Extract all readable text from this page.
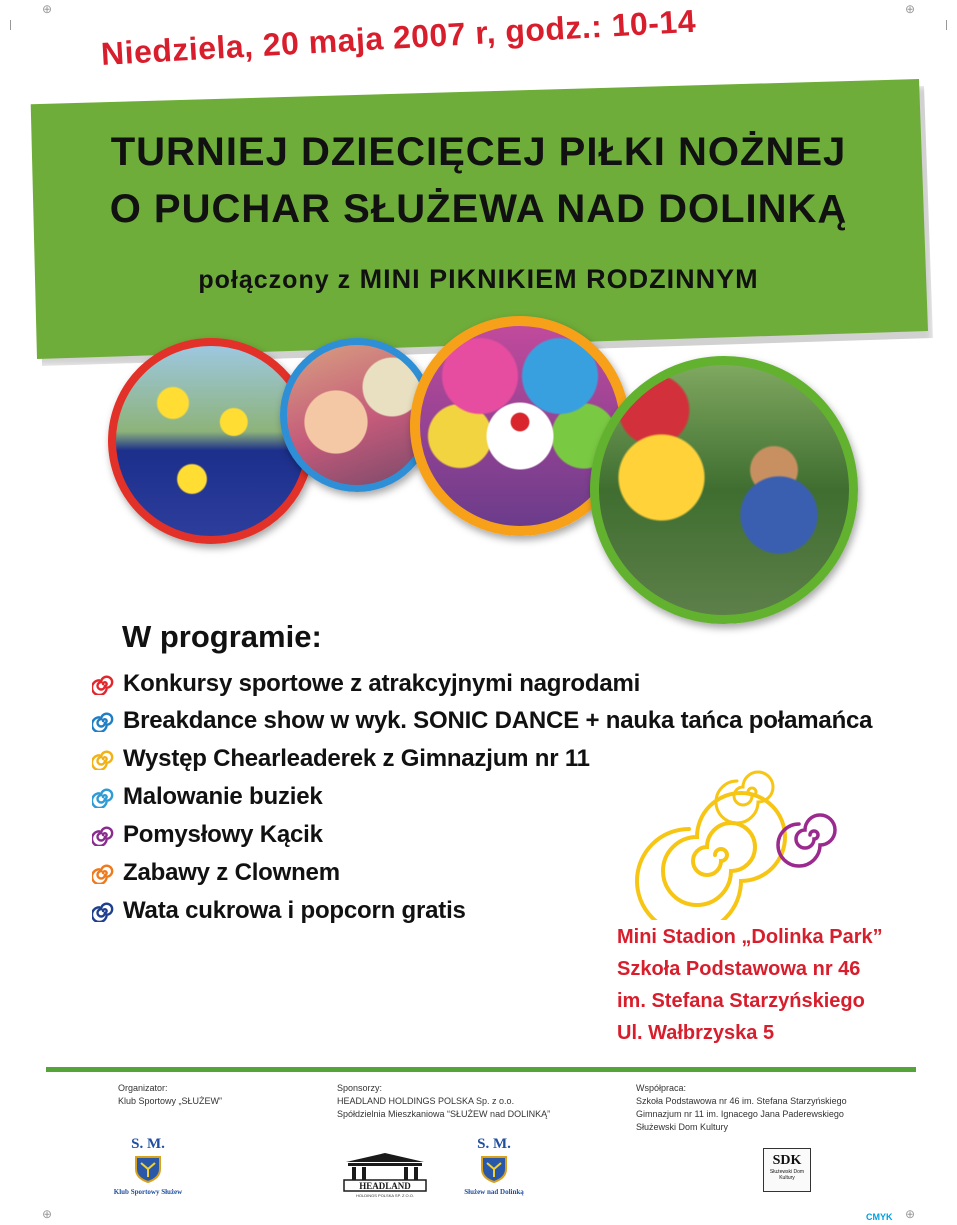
⊕	⊕
⊕	⊕
Niedziela, 20 maja 2007 r, godz.: 10-14
TURNIEJ DZIECIĘCEJ PIŁKI NOŻNEJ
O PUCHAR SŁUŻEWA NAD DOLINKĄ
połączony z MINI PIKNIKIEM RODZINNYM
W programie:
Konkursy sportowe z atrakcyjnymi nagrodami
Breakdance show w wyk. SONIC DANCE + nauka tańca połamańca
Występ Chearleaderek z Gimnazjum nr 11
Malowanie buziek
Pomysłowy Kącik
Zabawy z Clownem
Wata cukrowa i popcorn gratis
Mini Stadion „Dolinka Park”
Szkoła Podstawowa nr 46
im. Stefana Starzyńskiego
Ul. Wałbrzyska 5
Organizator:
Klub Sportowy „SŁUŻEW”
S. M.
Klub Sportowy Służew
Sponsorzy:
HEADLAND HOLDINGS POLSKA Sp. z o.o.
Spółdzielnia Mieszkaniowa “SŁUŻEW nad DOLINKĄ”
HEADLAND
HOLDINGS POLSKA SP. Z O.O.
S. M.
Służew nad Dolinką
Współpraca:
Szkoła Podstawowa nr 46 im. Stefana Starzyńskiego
Gimnazjum nr 11 im. Ignacego Jana Paderewskiego
Służewski Dom Kultury
SDK
Służewski Dom Kultury
CMYK
